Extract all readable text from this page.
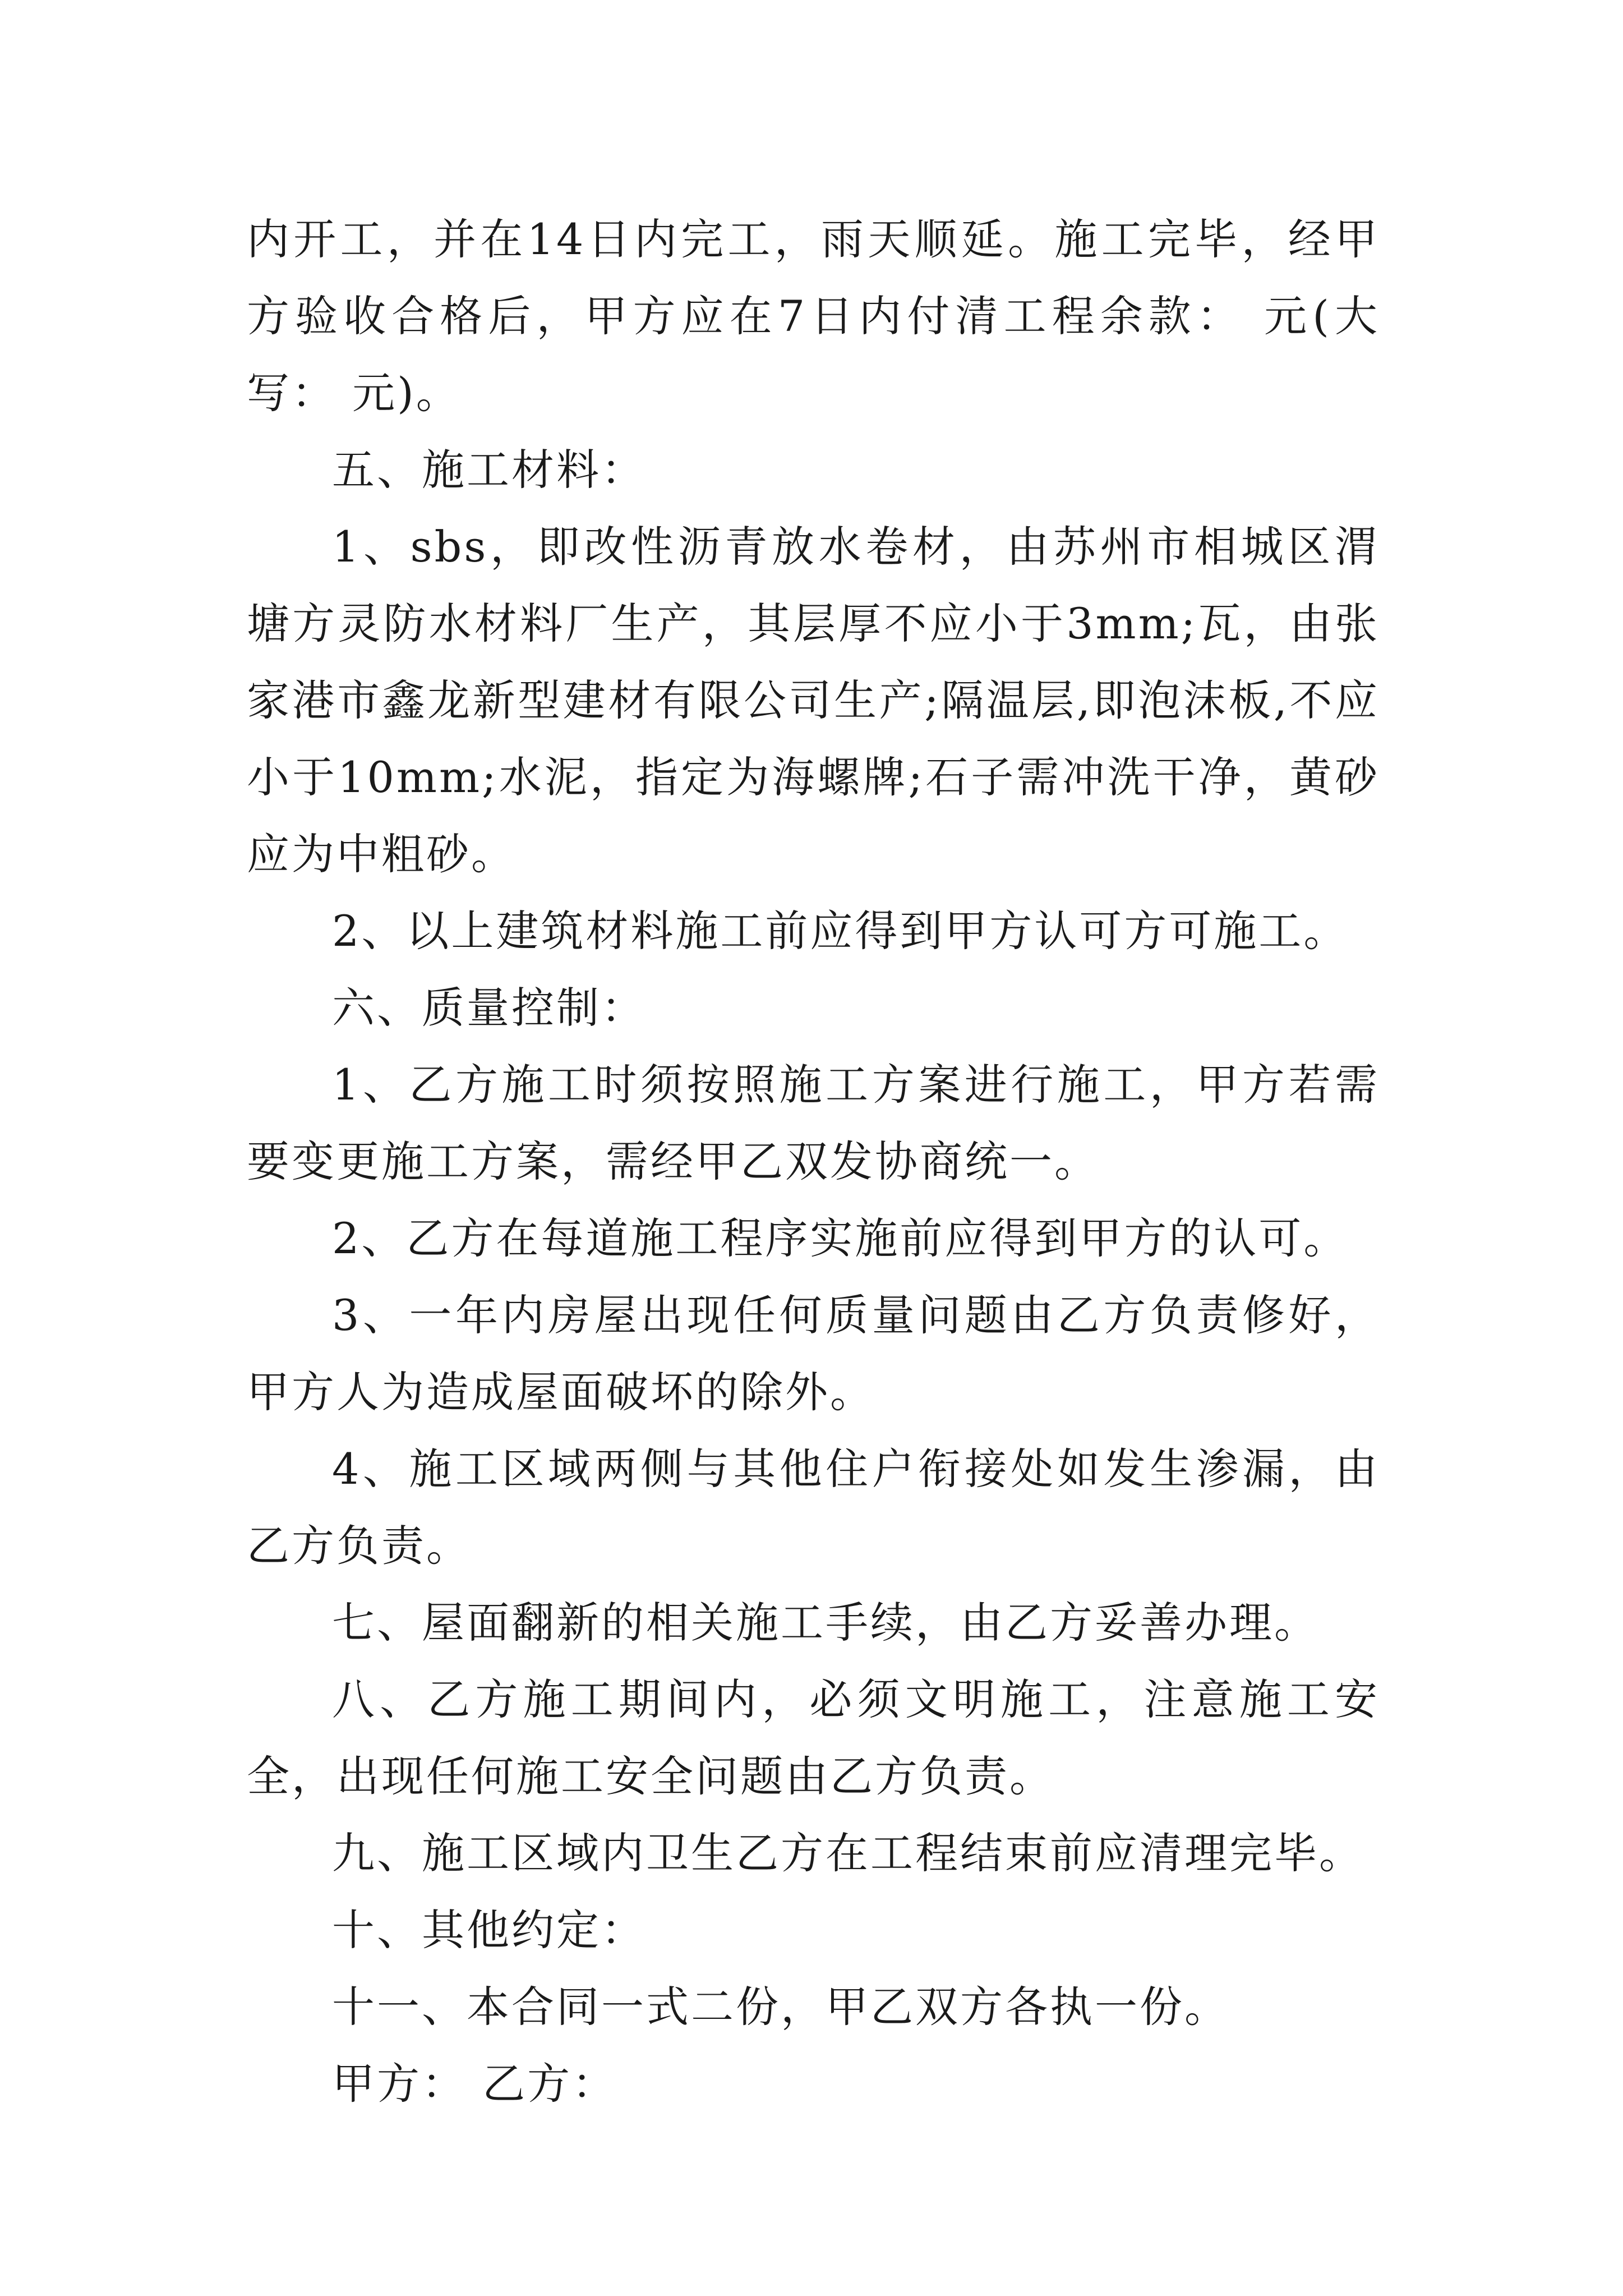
内开工，并在14日内完工，雨天顺延。施工完毕，经甲方验收合格后，甲方应在7日内付清工程余款： 元(大写： 元)。

五、施工材料：

1、sbs，即改性沥青放水卷材，由苏州市相城区渭塘方灵防水材料厂生产，其层厚不应小于3mm;瓦，由张家港市鑫龙新型建材有限公司生产;隔温层,即泡沫板,不应小于10mm;水泥，指定为海螺牌;石子需冲洗干净，黄砂应为中粗砂。

2、以上建筑材料施工前应得到甲方认可方可施工。

六、质量控制：

1、乙方施工时须按照施工方案进行施工，甲方若需要变更施工方案，需经甲乙双发协商统一。

2、乙方在每道施工程序实施前应得到甲方的认可。

3、一年内房屋出现任何质量问题由乙方负责修好，甲方人为造成屋面破坏的除外。

4、施工区域两侧与其他住户衔接处如发生渗漏，由乙方负责。

七、屋面翻新的相关施工手续，由乙方妥善办理。

八、乙方施工期间内，必须文明施工，注意施工安全，出现任何施工安全问题由乙方负责。

九、施工区域内卫生乙方在工程结束前应清理完毕。

十、其他约定：

十一、本合同一式二份，甲乙双方各执一份。

甲方： 乙方：
